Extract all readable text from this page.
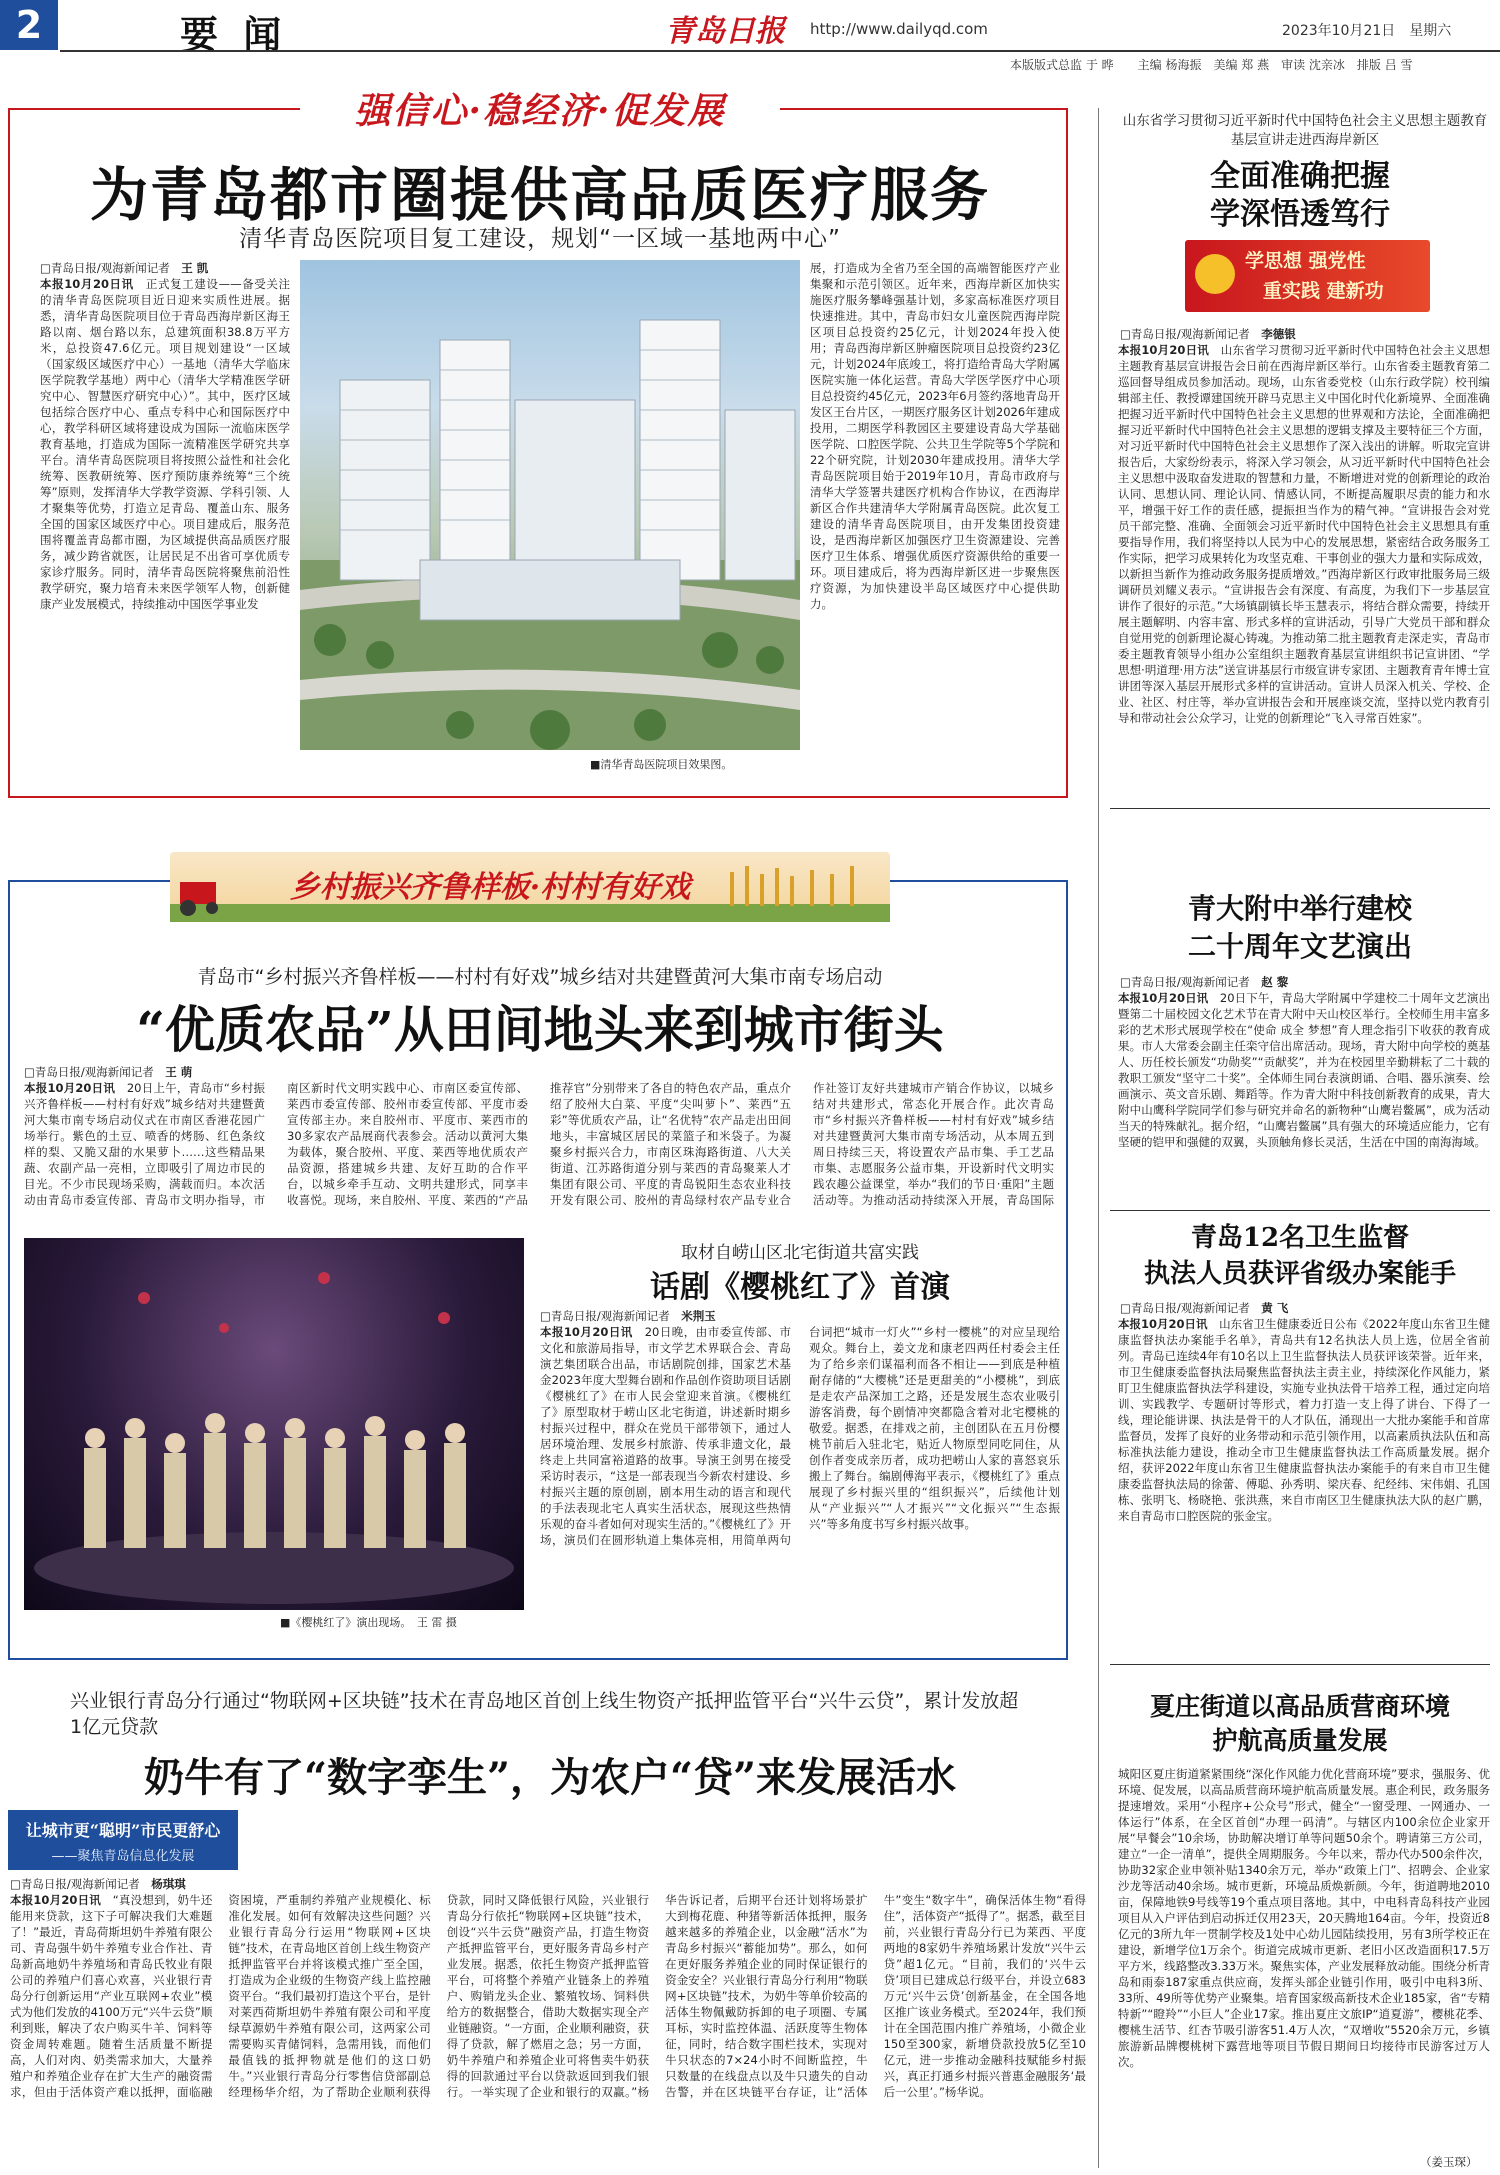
2	要 闻	青岛日报 http://www.dailyqd.com	2023年10月21日　星期六
本版版式总监 于 晔　　主编 杨海振　美编 郑 燕　审读 沈亲冰　排版 吕 雪
强信心·稳经济·促发展
为青岛都市圈提供高品质医疗服务
清华青岛医院项目复工建设，规划“一区域一基地两中心”
□青岛日报/观海新闻记者　 王 凯
本报10月20日讯　 正式复工建设——备受关注的清华青岛医院项目近日迎来实质性进展。据悉，清华青岛医院项目位于青岛西海岸新区海王路以南、烟台路以东，总建筑面积38.8万平方米，总投资47.6亿元。项目规划建设“一区域（国家级区域医疗中心）一基地（清华大学临床医学院教学基地）两中心（清华大学精准医学研究中心、智慧医疗研究中心）”。其中，医疗区域包括综合医疗中心、重点专科中心和国际医疗中心，教学科研区域将建设成为国际一流临床医学教育基地，打造成为国际一流精准医学研究共享平台。清华青岛医院项目将按照公益性和社会化统筹、医教研统筹、医疗预防康养统筹“三个统筹”原则，发挥清华大学教学资源、学科引领、人才聚集等优势，打造立足青岛、覆盖山东、服务全国的国家区域医疗中心。项目建成后，服务范围将覆盖青岛都市圈，为区域提供高品质医疗服务，减少跨省就医，让居民足不出省可享优质专家诊疗服务。同时，清华青岛医院将聚焦前沿性教学研究，聚力培育未来医学领军人物，创新健康产业发展模式，持续推动中国医学事业发
■清华青岛医院项目效果图。
展，打造成为全省乃至全国的高端智能医疗产业集聚和示范引领区。近年来，西海岸新区加快实施医疗服务攀峰强基计划，多家高标准医疗项目快速推进。其中，青岛市妇女儿童医院西海岸院区项目总投资约25亿元，计划2024年投入使用；青岛西海岸新区肿瘤医院项目总投资约23亿元，计划2024年底竣工，将打造给青岛大学附属医院实施一体化运营。青岛大学医学医疗中心项目总投资约45亿元，2023年6月签约落地青岛开发区王台片区，一期医疗服务区计划2026年建成投用，二期医学科教园区主要建设青岛大学基础医学院、口腔医学院、公共卫生学院等5个学院和22个研究院，计划2030年建成投用。清华大学青岛医院项目始于2019年10月，青岛市政府与清华大学签署共建医疗机构合作协议，在西海岸新区合作共建清华大学附属青岛医院。此次复工建设的清华青岛医院项目，由开发集团投资建设，是西海岸新区加强医疗卫生资源建设、完善医疗卫生体系、增强优质医疗资源供给的重要一环。项目建成后，将为西海岸新区进一步聚焦医疗资源，为加快建设半岛区域医疗中心提供助力。
山东省学习贯彻习近平新时代中国特色社会主义思想主题教育基层宣讲走进西海岸新区
全面准确把握
学深悟透笃行
学思想 强党性
重实践 建新功
□青岛日报/观海新闻记者　 李德银
本报10月20日讯　 山东省学习贯彻习近平新时代中国特色社会主义思想主题教育基层宣讲报告会日前在西海岸新区举行。山东省委主题教育第二巡回督导组成员参加活动。现场，山东省委党校（山东行政学院）校刊编辑部主任、教授谭建国统开辟马克思主义中国化时代化新境界、全面准确把握习近平新时代中国特色社会主义思想的世界观和方法论，全面准确把握习近平新时代中国特色社会主义思想的逻辑支撑及主要特征三个方面，对习近平新时代中国特色社会主义思想作了深入浅出的讲解。听取完宣讲报告后，大家纷纷表示，将深入学习领会，从习近平新时代中国特色社会主义思想中汲取奋发进取的智慧和力量，不断增进对党的创新理论的政治认同、思想认同、理论认同、情感认同，不断提高履职尽责的能力和水平，增强干好工作的责任感，提振担当作为的精气神。“宣讲报告会对党员干部完整、准确、全面领会习近平新时代中国特色社会主义思想具有重要指导作用，我们将坚持以人民为中心的发展思想，紧密结合政务服务工作实际，把学习成果转化为攻坚克难、干事创业的强大力量和实际成效，以新担当新作为推动政务服务提质增效。”西海岸新区行政审批服务局三级调研员刘耀义表示。“宣讲报告会有深度、有高度，为我们下一步基层宣讲作了很好的示范。”大场镇副镇长毕玉慧表示，将结合群众需要，持续开展主题解明、内容丰富、形式多样的宣讲活动，引导广大党员干部和群众自觉用党的创新理论凝心铸魂。为推动第二批主题教育走深走实，青岛市委主题教育领导小组办公室组织主题教育基层宣讲组织书记宣讲团、“学思想·明道理·用方法”送宣讲基层行市级宣讲专家团、主题教育青年博士宣讲团等深入基层开展形式多样的宣讲活动。宣讲人员深入机关、学校、企业、社区、村庄等，举办宣讲报告会和开展座谈交流，坚持以党内教育引导和带动社会公众学习，让党的创新理论“飞入寻常百姓家”。
乡村振兴齐鲁样板·村村有好戏
青岛市“乡村振兴齐鲁样板——村村有好戏”城乡结对共建暨黄河大集市南专场启动
“优质农品”从田间地头来到城市街头
□青岛日报/观海新闻记者　 王 萌
本报10月20日讯　 20日上午，青岛市“乡村振兴齐鲁样板——村村有好戏”城乡结对共建暨黄河大集市南专场启动仪式在市南区香港花园广场举行。紫色的土豆、喷香的烤肠、红色条纹样的梨、又脆又甜的水果萝卜……这些精品果蔬、农副产品一亮相，立即吸引了周边市民的目光。不少市民现场采购，满载而归。本次活动由青岛市委宣传部、青岛市文明办指导，市南区新时代文明实践中心、市南区委宣传部、莱西市委宣传部、胶州市委宣传部、平度市委宣传部主办。来自胶州市、平度市、莱西市的30多家农产品展商代表参会。活动以黄河大集为载体，聚合胶州、平度、莱西等地优质农产品资源，搭建城乡共建、友好互助的合作平台，以城乡牵手互动、文明共建形式，同享丰收喜悦。现场，来自胶州、平度、莱西的“产品推荐官”分别带来了各自的特色农产品，重点介绍了胶州大白菜、平度“尖叫萝卜”、莱西“五彩”等优质农产品，让“名优特”农产品走出田间地头，丰富城区居民的菜篮子和米袋子。为凝聚乡村振兴合力，市南区珠海路街道、八大关街道、江苏路街道分别与莱西的青岛聚莱人才集团有限公司、平度的青岛锐阳生态农业科技开发有限公司、胶州的青岛绿村农产品专业合作社签订友好共建城市产销合作协议，以城乡结对共建形式，常态化开展合作。此次青岛市“乡村振兴齐鲁样板——村村有好戏”城乡结对共建暨黄河大集市南专场活动，从本周五到周日持续三天，将设置农产品市集、手工艺品市集、志愿服务公益市集，开设新时代文明实践农趣公益课堂，举办“我们的节日·重阳”主题活动等。为推动活动持续深入开展，青岛国际
■《樱桃红了》演出现场。　王 雷 摄
取材自崂山区北宅街道共富实践
话剧《樱桃红了》首演
□青岛日报/观海新闻记者　 米荆玉
本报10月20日讯　 20日晚，由市委宣传部、市文化和旅游局指导，市文学艺术界联合会、青岛演艺集团联合出品，市话剧院创排，国家艺术基金2023年度大型舞台剧和作品创作资助项目话剧《樱桃红了》在市人民会堂迎来首演。《樱桃红了》原型取材于崂山区北宅街道，讲述新时期乡村振兴过程中，群众在党员干部带领下，通过人居环境治理、发展乡村旅游、传承非遗文化，最终走上共同富裕道路的故事。导演王剑男在接受采访时表示，“这是一部表现当今新农村建设、乡村振兴主题的原创剧，剧本用生动的语言和现代的手法表现北宅人真实生活状态，展现这些热情乐观的奋斗者如何对现实生活的。”《樱桃红了》开场，演员们在圆形轨道上集体亮相，用简单两句台词把“城市一灯火”“乡村一樱桃”的对应呈现给观众。舞台上，姜文龙和康老四两任村委会主任为了给乡亲们谋福利而各不相让——到底是种植耐存储的“大樱桃”还是更甜美的“小樱桃”，到底是走农产品深加工之路，还是发展生态农业吸引游客消费，每个剧情冲突都隐含着对北宅樱桃的敬爱。据悉，在排戏之前，主创团队在五月份樱桃节前后入驻北宅，贴近人物原型同吃同住，从创作者变成亲历者，成功把崂山人家的喜怒哀乐搬上了舞台。编剧傅海平表示，《樱桃红了》重点展现了乡村振兴里的“组织振兴”，后续他计划从“产业振兴”“人才振兴”“文化振兴”“生态振兴”等多角度书写乡村振兴故事。
青大附中举行建校
二十周年文艺演出
□青岛日报/观海新闻记者　 赵 黎
本报10月20日讯　 20日下午，青岛大学附属中学建校二十周年文艺演出暨第二十届校园文化艺术节在青大附中天山校区举行。全校师生用丰富多彩的艺术形式展现学校在“使命 成全 梦想”育人理念指引下收获的教育成果。市人大常委会副主任栾守信出席活动。现场，青大附中向学校的奠基人、历任校长颁发“功勋奖”“贡献奖”，并为在校园里辛勤耕耘了二十载的教职工颁发“坚守二十奖”。全体师生同台表演朗诵、合唱、器乐演奏、绘画演示、英文音乐剧、舞蹈等。作为青大附中科技创新教育的成果，青大附中山鹰科学院同学们参与研究并命名的新物种“山鹰岩鳖属”，成为活动当天的特殊献礼。据介绍，“山鹰岩鳖属”具有强大的环境适应能力，它有坚硬的铠甲和强健的双翼，头顶触角修长灵活，生活在中国的南海海域。
青岛12名卫生监督
执法人员获评省级办案能手
□青岛日报/观海新闻记者　 黄 飞
本报10月20日讯　 山东省卫生健康委近日公布《2022年度山东省卫生健康监督执法办案能手名单》，青岛共有12名执法人员上选，位居全省前列。青岛已连续4年有10名以上卫生监督执法人员获评该荣誉。近年来，市卫生健康委监督执法局聚焦监督执法主责主业，持续深化作风能力，紧盯卫生健康监督执法学科建设，实施专业执法骨干培养工程，通过定向培训、实践教学、专题研讨等形式，着力打造一支上得了讲台、下得了一线，理论能讲课、执法是骨干的人才队伍，涌现出一大批办案能手和首席监督员，发挥了良好的业务带动和示范引领作用，以高素质执法队伍和高标准执法能力建设，推动全市卫生健康监督执法工作高质量发展。据介绍，获评2022年度山东省卫生健康监督执法办案能手的有来自市卫生健康委监督执法局的徐蕾、傅聪、孙秀明、梁庆春、纪经纬、宋伟娟、孔国栋、张明飞、杨晓艳、张洪燕，来自市南区卫生健康执法大队的赵广鹏，来自青岛市口腔医院的张金宝。
兴业银行青岛分行通过“物联网+区块链”技术在青岛地区首创上线生物资产抵押监管平台“兴牛云贷”，累计发放超1亿元贷款
奶牛有了“数字孪生”，为农户“贷”来发展活水
让城市更“聪明”市民更舒心
——聚焦青岛信息化发展
□青岛日报/观海新闻记者　 杨琪琪
本报10月20日讯　 “真没想到，奶牛还能用来贷款，这下子可解决我们大难题了！”最近，青岛荷斯坦奶牛养殖有限公司、青岛强牛奶牛养殖专业合作社、青岛新高地奶牛养殖场和青岛氏牧业有限公司的养殖户们喜心欢喜，兴业银行青岛分行创新运用“产业互联网+农业”模式为他们发放的4100万元“兴牛云贷”顺利到账，解决了农户购买牛羊、饲料等资金周转难题。随着生活质量不断提高，人们对肉、奶类需求加大，大量养殖户和养殖企业存在扩大生产的融资需求，但由于活体资产难以抵押，面临融资困境，严重制约养殖产业规模化、标准化发展。如何有效解决这些问题？兴业银行青岛分行运用“物联网+区块链”技术，在青岛地区首创上线生物资产抵押监管平台并将该模式推广至全国，打造成为企业级的生物资产线上监控融资平台。“我们最初打造这个平台，是针对莱西荷斯坦奶牛养殖有限公司和平度绿草源奶牛养殖有限公司，这两家公司需要购买青储饲料，急需用钱，而他们最值钱的抵押物就是他们的这口奶牛。”兴业银行青岛分行零售信贷部副总经理杨华介绍，为了帮助企业顺利获得贷款，同时又降低银行风险，兴业银行青岛分行依托“物联网+区块链”技术，创设“兴牛云贷”融资产品，打造生物资产抵押监管平台，更好服务青岛乡村产业发展。据悉，依托生物资产抵押监管平台，可将整个养殖产业链条上的养殖户、购销龙头企业、繁殖牧场、饲料供给方的数据整合，借助大数据实现全产业链融资。“一方面，企业顺利融资，获得了贷款，解了燃眉之急；另一方面，奶牛养殖户和养殖企业可将售卖牛奶获得的回款通过平台以贷款返回到我们银行。一举实现了企业和银行的双赢。”杨华告诉记者，后期平台还计划将场景扩大到梅花鹿、种猪等新活体抵押，服务越来越多的养殖企业，以金融“活水”为青岛乡村振兴“蓄能加势”。那么，如何在更好服务养殖企业的同时保证银行的资金安全？兴业银行青岛分行利用“物联网+区块链”技术，为奶牛等单价较高的活体生物佩戴防拆卸的电子项圈、专属耳标，实时监控体温、活跃度等生物体征，同时，结合数字围栏技术，实现对牛只状态的7×24小时不间断监控，牛只数量的在线盘点以及牛只遗失的自动告警，并在区块链平台存证，让“活体牛”变生“数字牛”，确保活体生物“看得住”，活体资产“抵得了”。据悉，截至目前，兴业银行青岛分行已为莱西、平度两地的8家奶牛养殖场累计发放“兴牛云贷”超1亿元。“目前，我们的‘兴牛云贷’项目已建成总行级平台，并设立683万元‘兴牛云贷’创新基金，在全国各地区推广该业务模式。至2024年，我们预计在全国范围内推广养殖场，小微企业150至300家，新增贷款投放5亿至10亿元，进一步推动金融科技赋能乡村振兴，真正打通乡村振兴普惠金融服务‘最后一公里’。”杨华说。
夏庄街道以高品质营商环境
护航高质量发展
城阳区夏庄街道紧紧围绕“深化作风能力优化营商环境”要求，强服务、优环境、促发展，以高品质营商环境护航高质量发展。惠企利民，政务服务提速增效。采用“小程序+公众号”形式，健全“一窗受理、一网通办、一体运行”体系，在全区首创“办理一码清”。与辖区内100余位企业家开展“早餐会”10余场，协助解决增订单等问题50余个。聘请第三方公司，建立“一企一清单”，提供全周期服务。今年以来，帮办代办500余件次，协助32家企业申领补贴1340余万元，举办“政策上门”、招聘会、企业家沙龙等活动40余场。城市更新，环境品质焕新颜。今年，街道聘地2010亩，保障地铁9号线等19个重点项目落地。其中，中电科青岛科技产业园项目从入户评估到启动拆迁仅用23天，20天腾地164亩。今年，投资近8亿元的3所九年一贯制学校及1处中心幼儿园陆续投用，另有3所学校正在建设，新增学位1万余个。街道完成城市更新、老旧小区改造面积17.5万平方米，线路整改3.33万米。聚焦实体，产业发展释放动能。围绕分析青岛和雨泰187家重点供应商，发挥头部企业链引作用，吸引中电科3所、33所、49所等优势产业聚集。培育国家级高新技术企业185家，省“专精特新”“瞪羚”“小巨人”企业17家。推出夏庄文旅IP“逍夏游”，樱桃花季、樱桃生活节、红杏节吸引游客51.4万人次，“双增收”5520余万元，乡镇旅游新品牌樱桃树下露营地等项目节假日期间日均接待市民游客过万人次。
（姜玉琛）
